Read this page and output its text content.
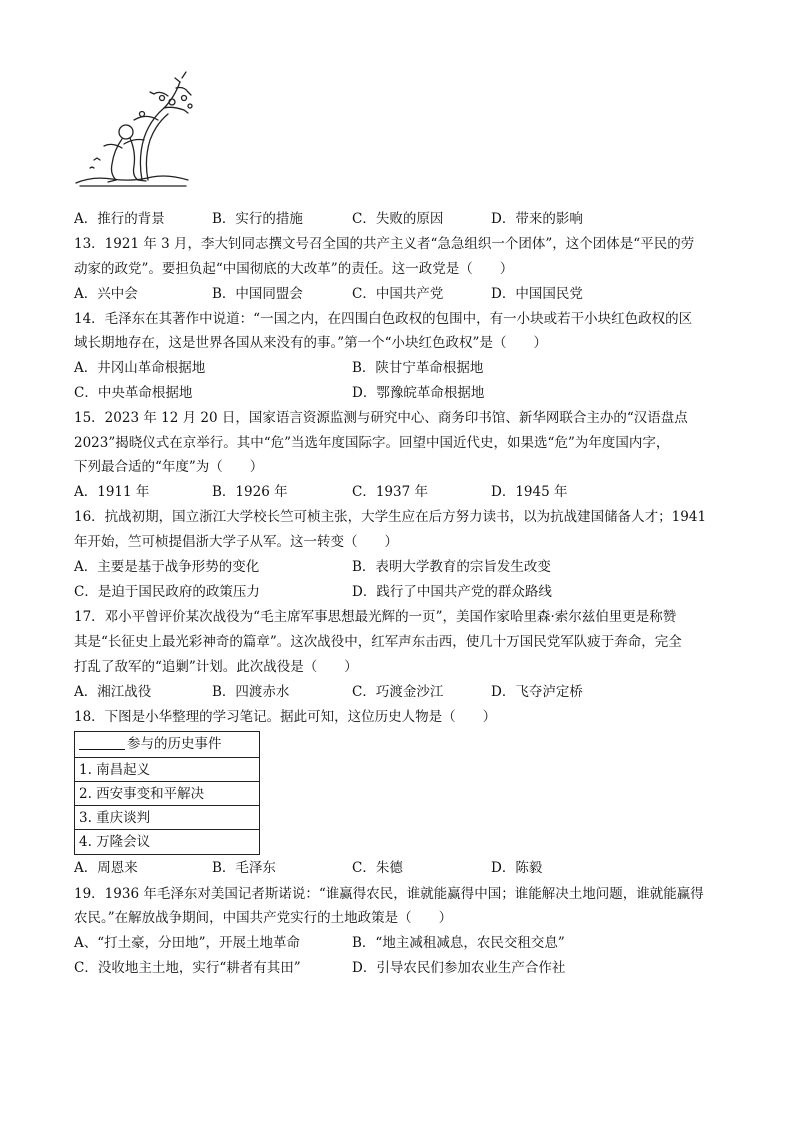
A．推行的背景	B．实行的措施	C．失败的原因	D．带来的影响
13．1921 年 3 月，李大钊同志撰文号召全国的共产主义者“急急组织一个团体”，这个团体是“平民的劳
动家的政党”。要担负起“中国彻底的大改革”的责任。这一政党是（　　）
A．兴中会	B．中国同盟会	C．中国共产党	D．中国国民党
14．毛泽东在其著作中说道：“一国之内，在四围白色政权的包围中，有一小块或若干小块红色政权的区
域长期地存在，这是世界各国从来没有的事。”第一个“小块红色政权”是（　　）
A．井冈山革命根据地	B．陕甘宁革命根据地
C．中央革命根据地	D．鄂豫皖革命根据地
15．2023 年 12 月 20 日，国家语言资源监测与研究中心、商务印书馆、新华网联合主办的“汉语盘点
2023”揭晓仪式在京举行。其中“危”当选年度国际字。回望中国近代史，如果选“危”为年度国内字，
下列最合适的“年度”为（　　）
A．1911 年	B．1926 年	C．1937 年	D．1945 年
16．抗战初期，国立浙江大学校长竺可桢主张，大学生应在后方努力读书，以为抗战建国储备人才；1941
年开始，竺可桢提倡浙大学子从军。这一转变（　　）
A．主要是基于战争形势的变化	B．表明大学教育的宗旨发生改变
C．是迫于国民政府的政策压力	D．践行了中国共产党的群众路线
17．邓小平曾评价某次战役为“毛主席军事思想最光辉的一页”，美国作家哈里森·索尔兹伯里更是称赞
其是“长征史上最光彩神奇的篇章”。这次战役中，红军声东击西，使几十万国民党军队疲于奔命，完全
打乱了敌军的“追剿”计划。此次战役是（　　）
A．湘江战役	B．四渡赤水	C．巧渡金沙江	D．飞夺泸定桥
18．下图是小华整理的学习笔记。据此可知，这位历史人物是（　　）
参与的历史事件
1. 南昌起义
2. 西安事变和平解决
3. 重庆谈判
4. 万隆会议
A．周恩来	B．毛泽东	C．朱德	D．陈毅
19．1936 年毛泽东对美国记者斯诺说：“谁赢得农民，谁就能赢得中国；谁能解决土地问题，谁就能赢得
农民。”在解放战争期间，中国共产党实行的土地政策是（　　）
A、“打土豪，分田地”，开展土地革命	B．“地主减租减息，农民交租交息”
C．没收地主土地，实行“耕者有其田”	D．引导农民们参加农业生产合作社
